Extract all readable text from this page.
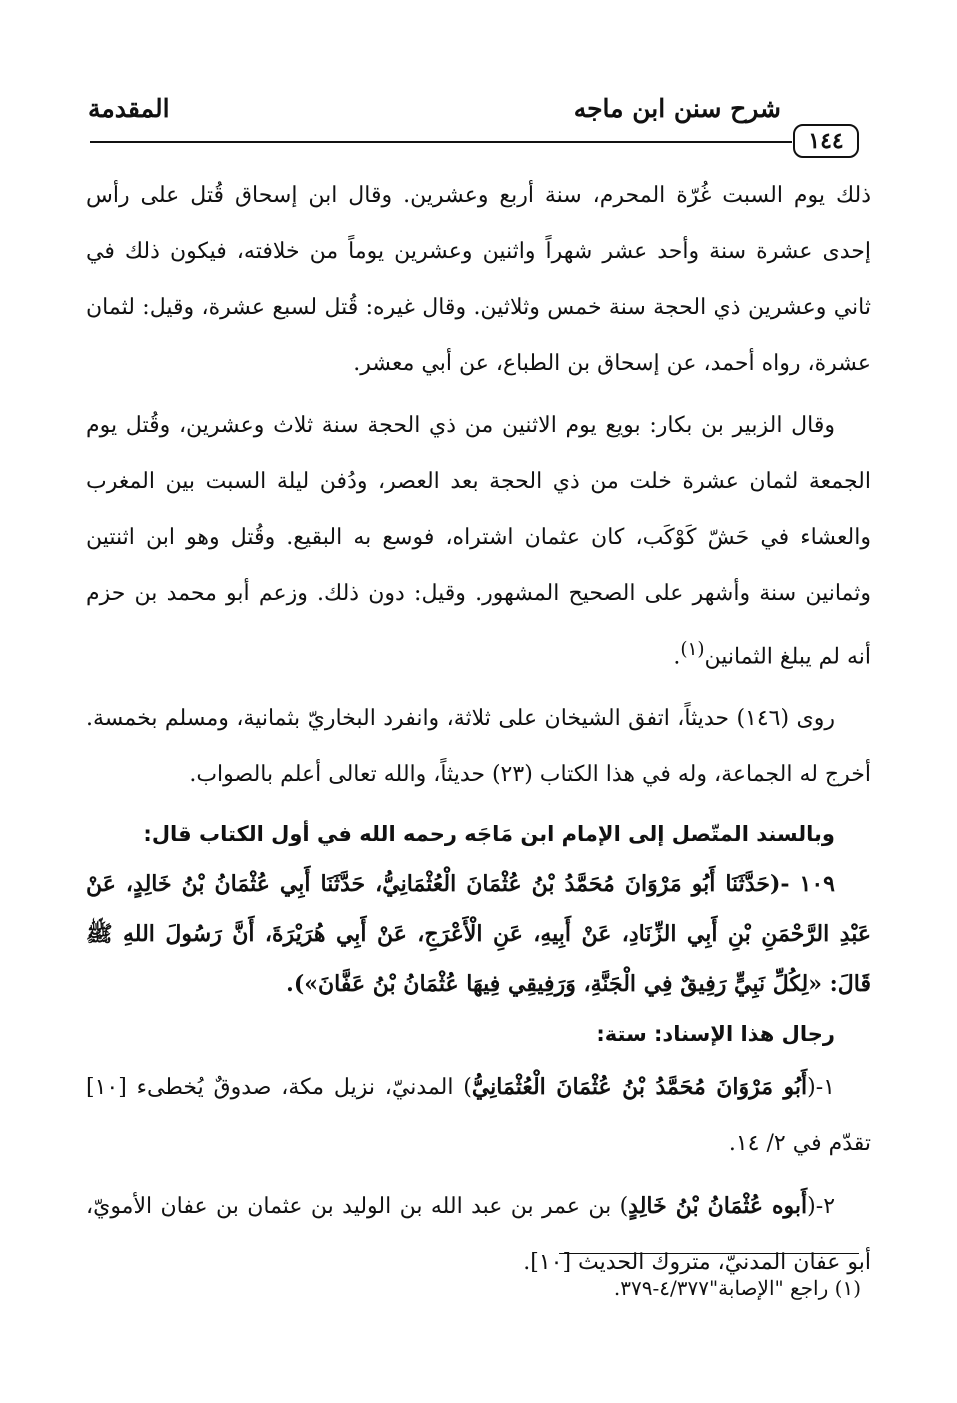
شرح سنن ابن ماجه
المقدمة
١٤٤

ذلك يوم السبت غُرّة المحرم، سنة أربع وعشرين. وقال ابن إسحاق قُتل على رأس إحدى عشرة سنة وأحد عشر شهراً واثنين وعشرين يوماً من خلافته، فيكون ذلك في ثاني وعشرين ذي الحجة سنة خمس وثلاثين. وقال غيره: قُتل لسبع عشرة، وقيل: لثمان عشرة، رواه أحمد، عن إسحاق بن الطباع، عن أبي معشر.

وقال الزبير بن بكار: بويع يوم الاثنين من ذي الحجة سنة ثلاث وعشرين، وقُتل يوم الجمعة لثمان عشرة خلت من ذي الحجة بعد العصر، ودُفن ليلة السبت بين المغرب والعشاء في حَشّ كَوْكَب، كان عثمان اشتراه، فوسع به البقيع. وقُتل وهو ابن اثنتين وثمانين سنة وأشهر على الصحيح المشهور. وقيل: دون ذلك. وزعم أبو محمد بن حزم أنه لم يبلغ الثمانين$^{(١)}$.

روى (١٤٦) حديثاً، اتفق الشيخان على ثلاثة، وانفرد البخاريّ بثمانية، ومسلم بخمسة. أخرج له الجماعة، وله في هذا الكتاب (٢٣) حديثاً، والله تعالى أعلم بالصواب.

وبالسند المتّصل إلى الإمام ابن مَاجَه رحمه الله في أول الكتاب قال:

١٠٩ -(حَدَّثَنَا أَبُو مَرْوَانَ مُحَمَّدُ بْنُ عُثْمَانَ الْعُثْمَانِيُّ، حَدَّثَنَا أَبِي عُثْمَانُ بْنُ خَالِدٍ، عَنْ عَبْدِ الرَّحْمَنِ بْنِ أَبِي الزِّنَادِ، عَنْ أَبِيهِ، عَنِ الْأَعْرَجِ، عَنْ أَبِي هُرَيْرَةَ، أَنَّ رَسُولَ اللهِ ﷺ قَالَ: «لِكُلِّ نَبِيٍّ رَفِيقٌ فِي الْجَنَّةِ، وَرَفِيقِي فِيهَا عُثْمَانُ بْنُ عَفَّانَ»).

رجال هذا الإسناد: ستة:

١-(أَبُو مَرْوَانَ مُحَمَّدُ بْنُ عُثْمَانَ الْعُثْمَانِيُّ) المدنيّ، نزيل مكة، صدوقٌ يُخطىء [١٠] تقدّم في ٢/ ١٤.

٢-(أَبوه عُثْمَانُ بْنُ خَالِدٍ) بن عمر بن عبد الله بن الوليد بن عثمان بن عفان الأمويّ، أبو عفان المدنيّ، متروك الحديث [١٠].

(١) راجع "الإصابة"٤/٣٧٧-٣٧٩.
